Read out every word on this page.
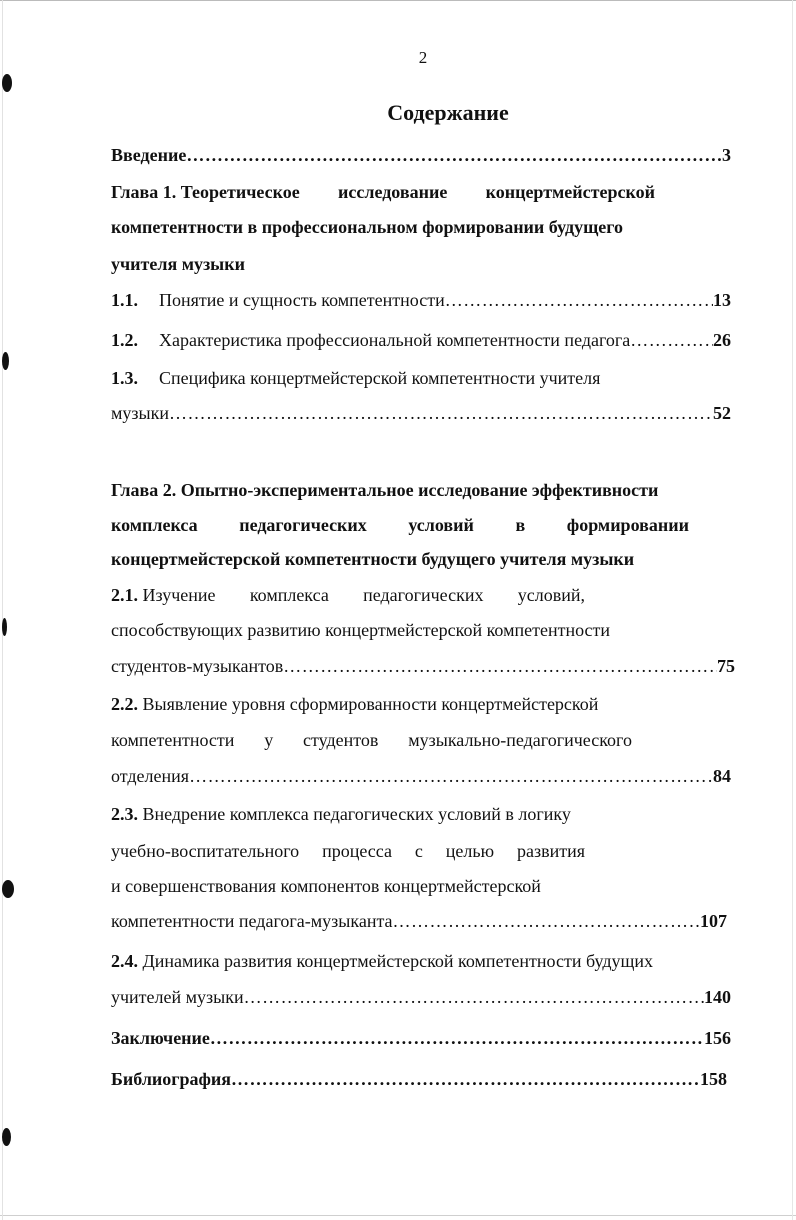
2
Содержание
Введение ……………………………………………………………………………………………………………………………………………………………………	3
Глава 1. Теоретическое исследование концертмейстерской
компетентности в профессиональном формировании будущего
учителя музыки
1.1. Понятие и сущность компетентности ……………………………………………………………………………………………………………………………………………………………………	13
1.2. Характеристика профессиональной компетентности педагога ……………………………………………………………………………………………………………………………………………………………………	26
1.3. Специфика концертмейстерской компетентности учителя
музыки ……………………………………………………………………………………………………………………………………………………………………	52
Глава 2. Опытно-экспериментальное исследование эффективности
комплекса педагогических условий в формировании
концертмейстерской компетентности будущего учителя музыки
2.1. Изучение комплекса педагогических условий,
способствующих развитию концертмейстерской компетентности
студентов-музыкантов ……………………………………………………………………………………………………………………………………………………………………	75
2.2. Выявление уровня сформированности концертмейстерской
компетентности у студентов музыкально-педагогического
отделения ……………………………………………………………………………………………………………………………………………………………………	84
2.3. Внедрение комплекса педагогических условий в логику
учебно-воспитательного процесса с целью развития
и совершенствования компонентов концертмейстерской
компетентности педагога-музыканта ……………………………………………………………………………………………………………………………………………………………………	107
2.4. Динамика развития концертмейстерской компетентности будущих
учителей музыки ……………………………………………………………………………………………………………………………………………………………………	140
Заключение ……………………………………………………………………………………………………………………………………………………………………	156
Библиография ……………………………………………………………………………………………………………………………………………………………………	158
